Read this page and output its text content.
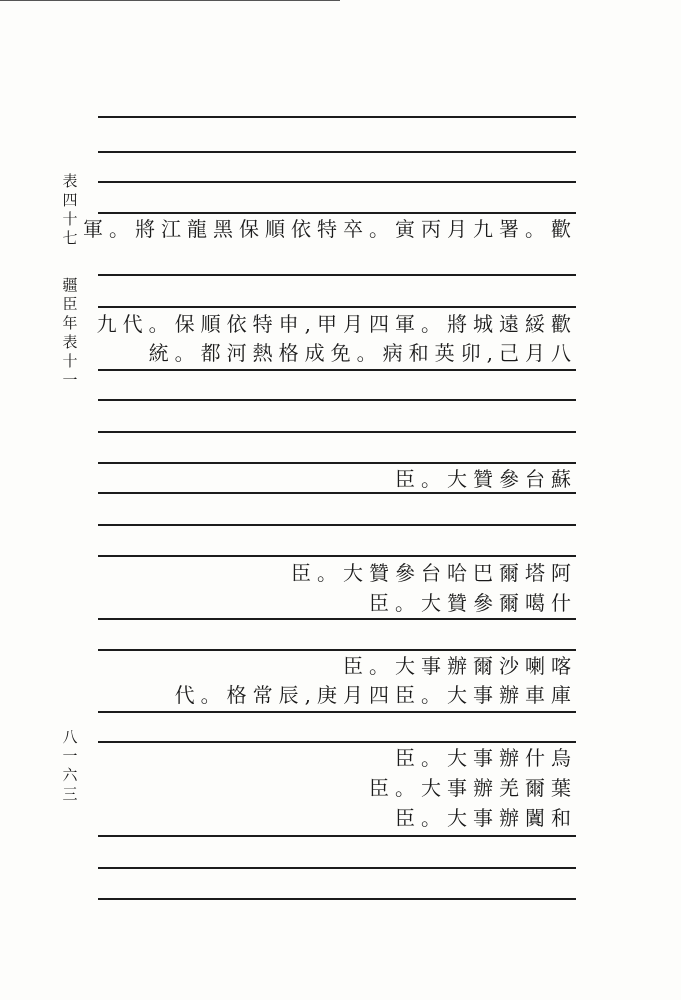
表
四
十
七
疆
臣
年
表
十
一
八
一
六
三
軍。將江龍黑保順依特卒。寅丙月九署。歡
九代。保順依特申,甲月四軍。將城遠綏歡
統。都河熱格成免。病和英卯,己月八
臣。大贊參台蘇
臣。大贊參台哈巴爾塔阿
臣。大贊參爾噶什
臣。大事辦爾沙喇喀
代。格常辰,庚月四臣。大事辦車庫
臣。大事辦什烏
臣。大事辦羌爾葉
臣。大事辦闐和
